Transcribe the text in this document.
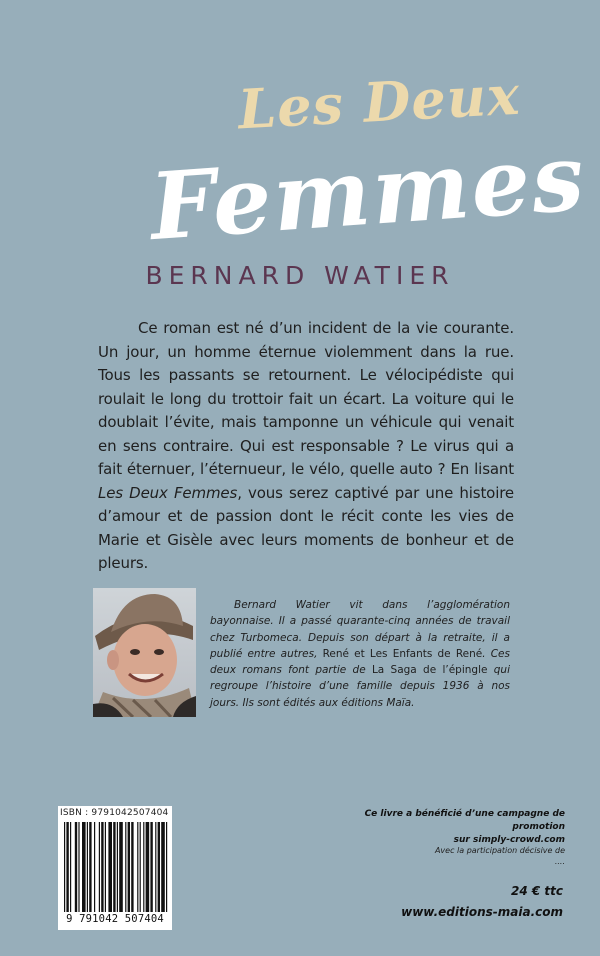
Les Deux
Femmes
BERNARD WATIER

Ce roman est né d’un incident de la vie courante. Un jour, un homme éternue violemment dans la rue. Tous les passants se retournent. Le vélocipédiste qui roulait le long du trottoir fait un écart. La voiture qui le doublait l’évite, mais tamponne un véhicule qui venait en sens contraire. Qui est responsable ? Le virus qui a fait éternuer, l’éternueur, le vélo, quelle auto ? En lisant Les Deux Femmes, vous serez captivé par une histoire d’amour et de passion dont le récit conte les vies de Marie et Gisèle avec leurs moments de bonheur et de pleurs.

Bernard Watier vit dans l’agglomération bayonnaise. Il a passé quarante-cinq années de travail chez Turbomeca. Depuis son départ à la retraite, il a publié entre autres, René et Les Enfants de René. Ces deux romans font partie de La Saga de l’épingle qui regroupe l’histoire d’une famille depuis 1936 à nos jours. Ils sont édités aux éditions Maïa.

ISBN : 9791042507404
9 791042 507404
Ce livre a bénéficié d’une campagne de promotion
sur simply-crowd.com
Avec la participation décisive de
....
24 € ttc
www.editions-maia.com
